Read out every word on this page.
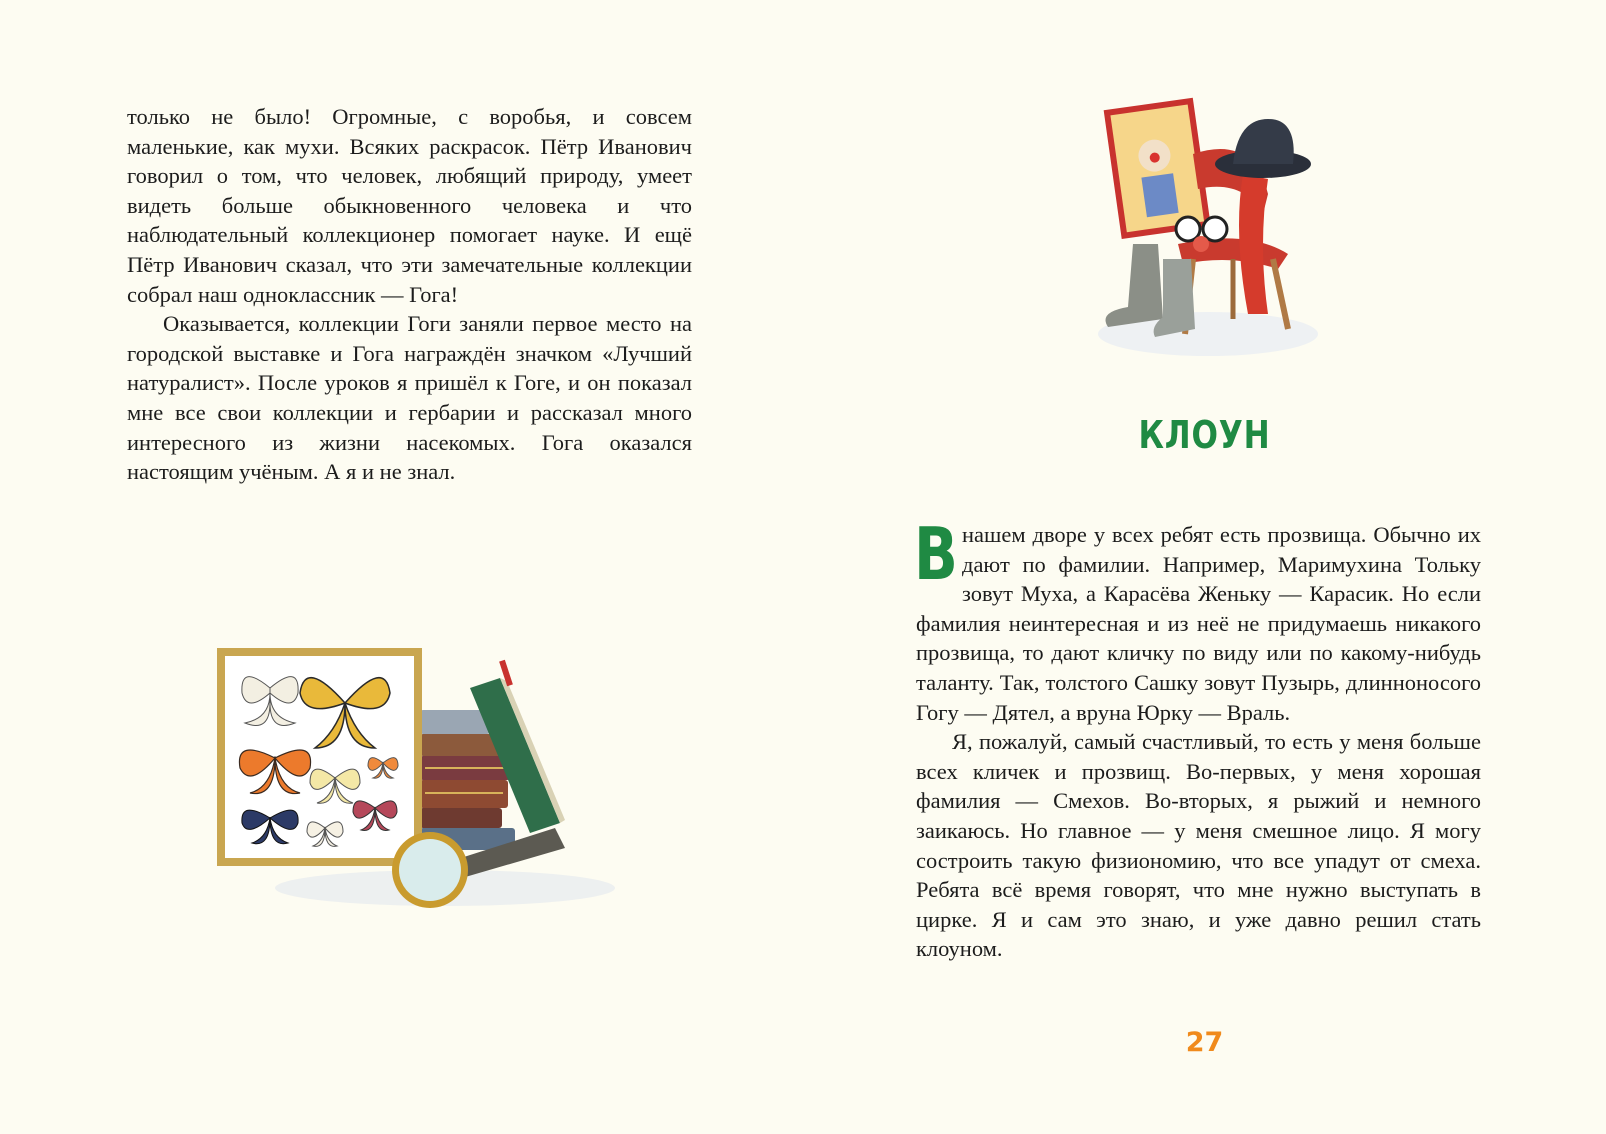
только не было! Огромные, с воробья, и совсем маленькие, как мухи. Всяких раскрасок. Пётр Иванович говорил о том, что человек, любящий природу, умеет видеть больше обыкновенного человека и что наблюдательный коллекционер помогает науке. И ещё Пётр Иванович сказал, что эти замечательные коллекции собрал наш одноклассник — Гога!

Оказывается, коллекции Гоги заняли первое место на городской выставке и Гога награждён значком «Лучший натуралист». После уроков я пришёл к Гоге, и он показал мне все свои коллекции и гербарии и рассказал много интересного из жизни насекомых. Гога оказался настоящим учёным. А я и не знал.

КЛОУН

Внашем дворе у всех ребят есть прозвища. Обычно их дают по фамилии. Например, Маримухина Тольку зовут Муха, а Карасёва Женьку — Карасик. Но если фамилия неинтересная и из неё не придумаешь никакого прозвища, то дают кличку по виду или по какому-нибудь таланту. Так, толстого Сашку зовут Пузырь, длинноносого Гогу — Дятел, а вруна Юрку — Враль.

Я, пожалуй, самый счастливый, то есть у меня больше всех кличек и прозвищ. Во-первых, у меня хорошая фамилия — Смехов. Во-вторых, я рыжий и немного заикаюсь. Но главное — у меня смешное лицо. Я могу состроить такую физиономию, что все упадут от смеха. Ребята всё время говорят, что мне нужно выступать в цирке. Я и сам это знаю, и уже давно решил стать клоуном.

27
